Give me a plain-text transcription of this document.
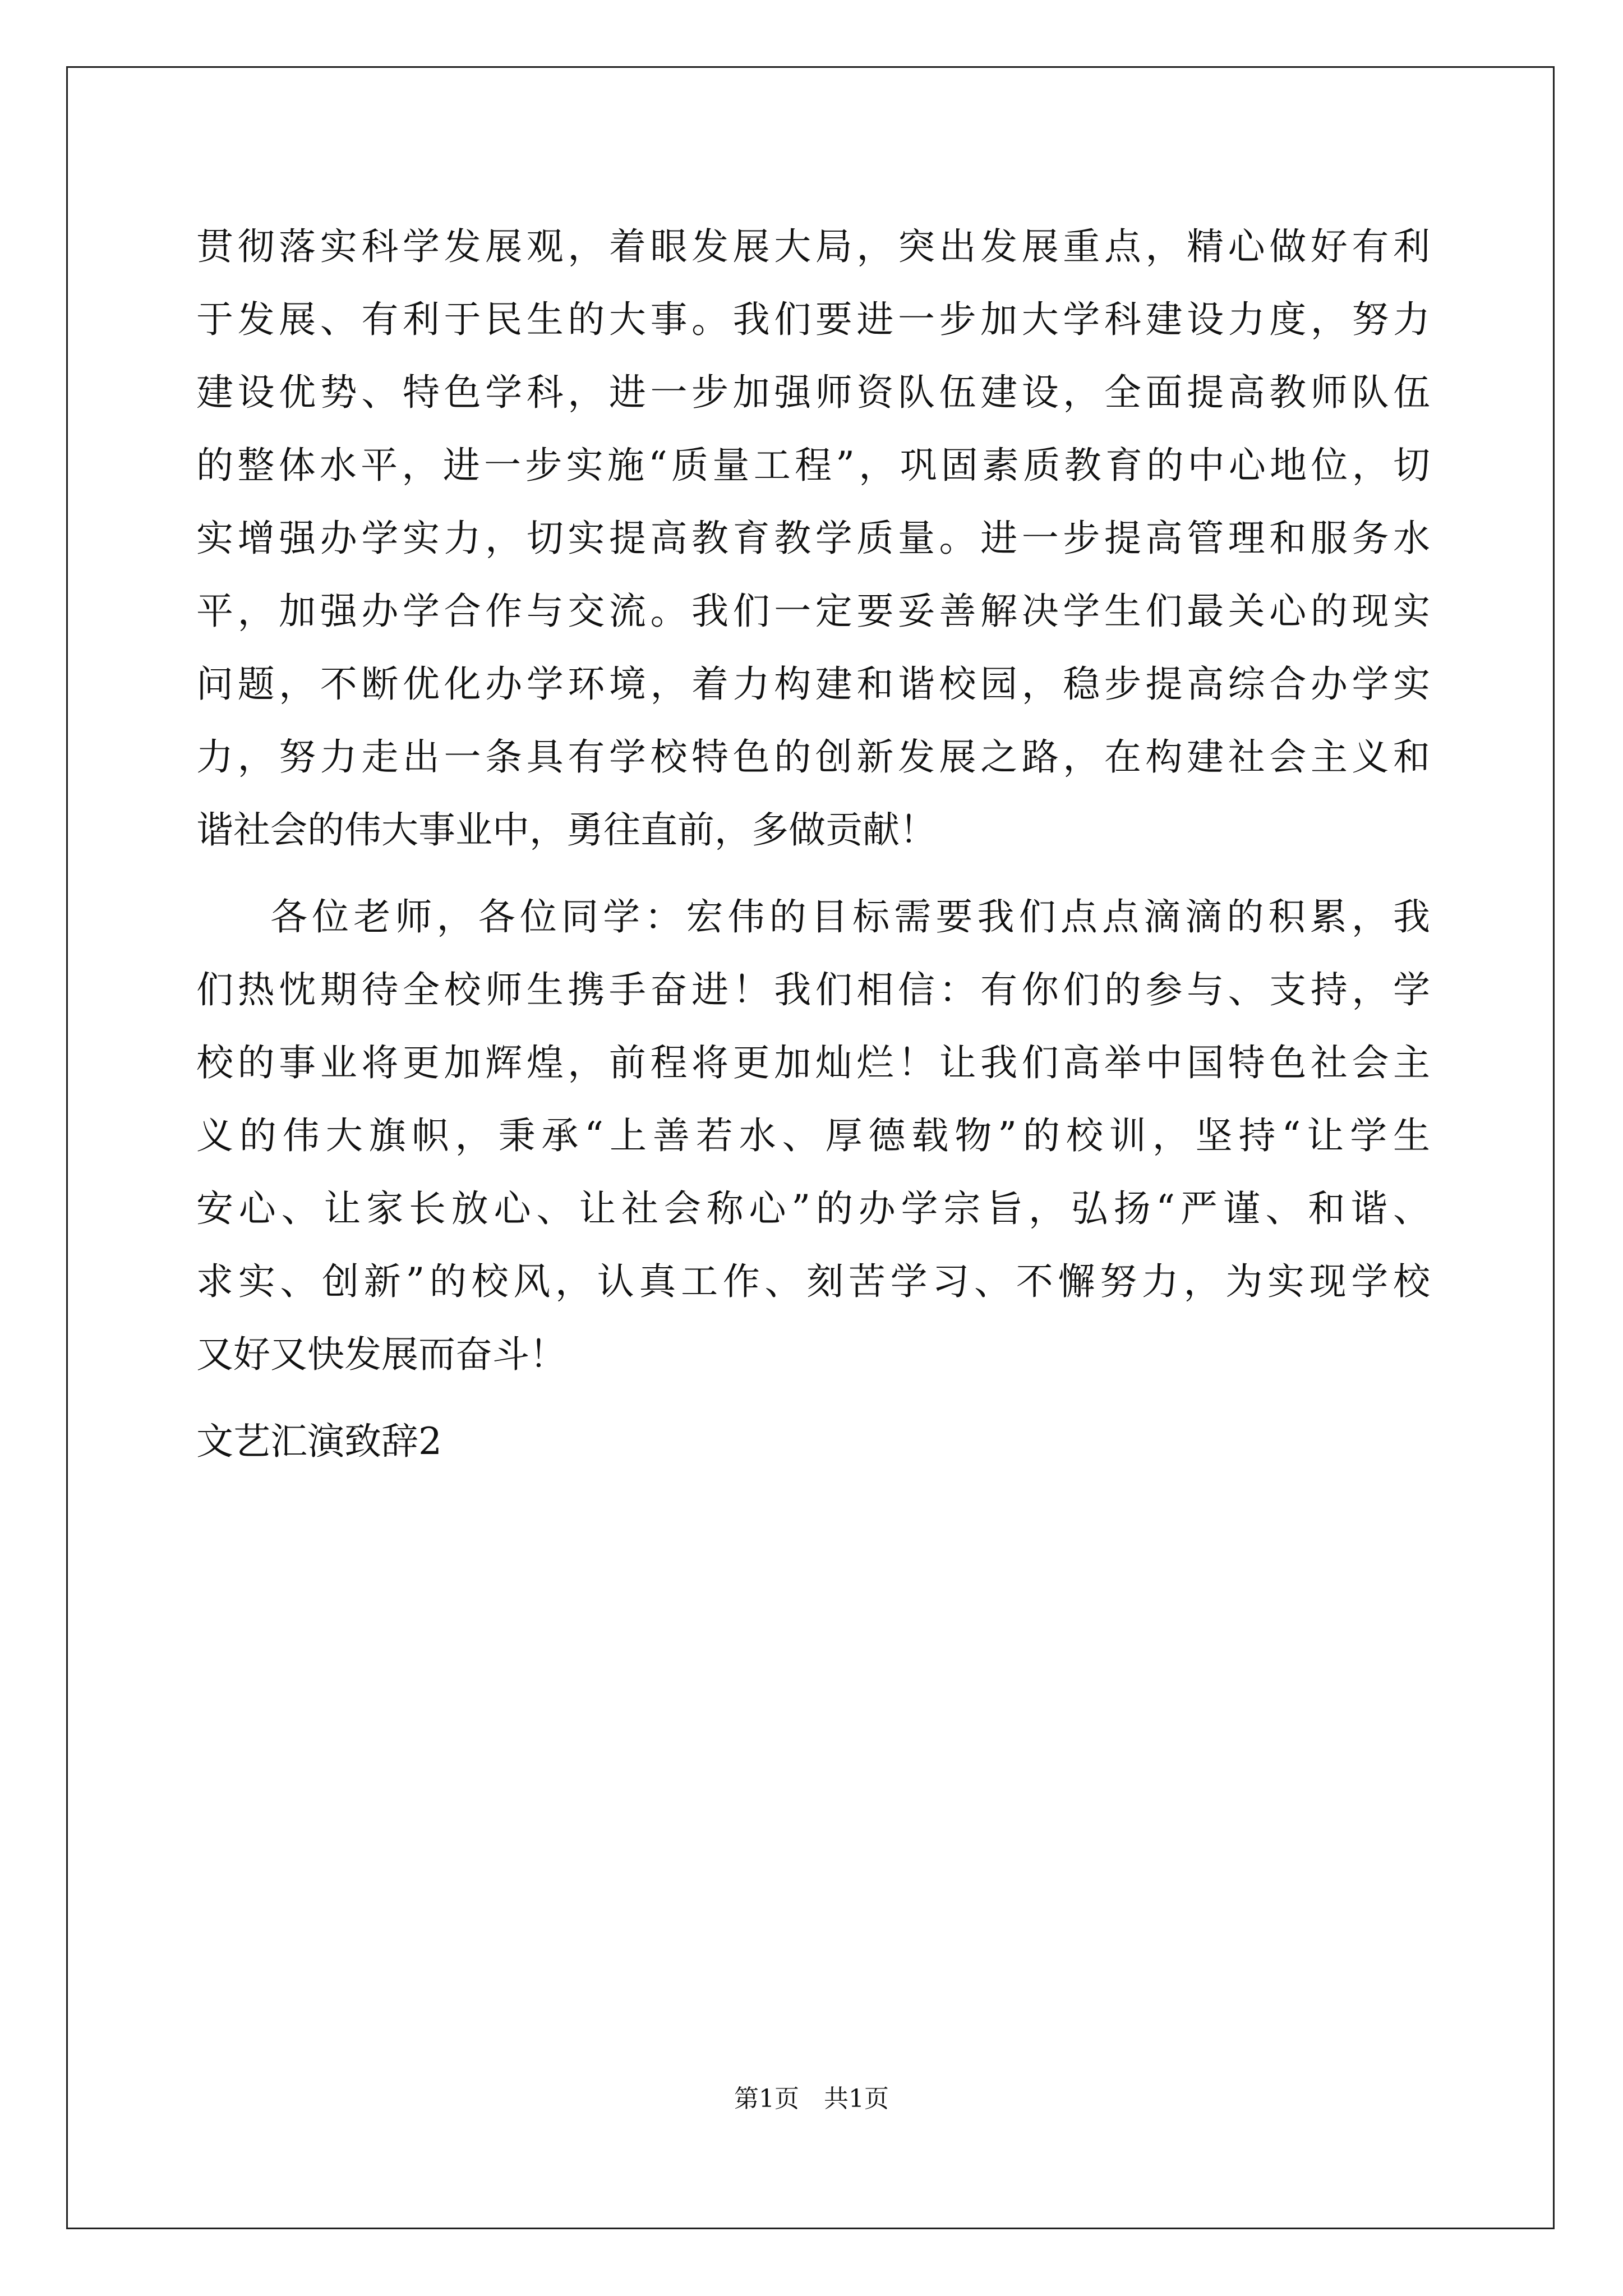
贯彻落实科学发展观，着眼发展大局，突出发展重点，精心做好有利
于发展、有利于民生的大事。我们要进一步加大学科建设力度，努力
建设优势、特色学科，进一步加强师资队伍建设，全面提高教师队伍
的整体水平，进一步实施“质量工程”，巩固素质教育的中心地位，切
实增强办学实力，切实提高教育教学质量。进一步提高管理和服务水
平，加强办学合作与交流。我们一定要妥善解决学生们最关心的现实
问题，不断优化办学环境，着力构建和谐校园，稳步提高综合办学实
力，努力走出一条具有学校特色的创新发展之路，在构建社会主义和
谐社会的伟大事业中，勇往直前，多做贡献！
各位老师，各位同学：宏伟的目标需要我们点点滴滴的积累，我
们热忱期待全校师生携手奋进！我们相信：有你们的参与、支持，学
校的事业将更加辉煌，前程将更加灿烂！让我们高举中国特色社会主
义的伟大旗帜，秉承“上善若水、厚德载物”的校训，坚持“让学生
安心、让家长放心、让社会称心”的办学宗旨，弘扬“严谨、和谐、
求实、创新”的校风，认真工作、刻苦学习、不懈努力，为实现学校
又好又快发展而奋斗！
文艺汇演致辞2
第1页　共1页
